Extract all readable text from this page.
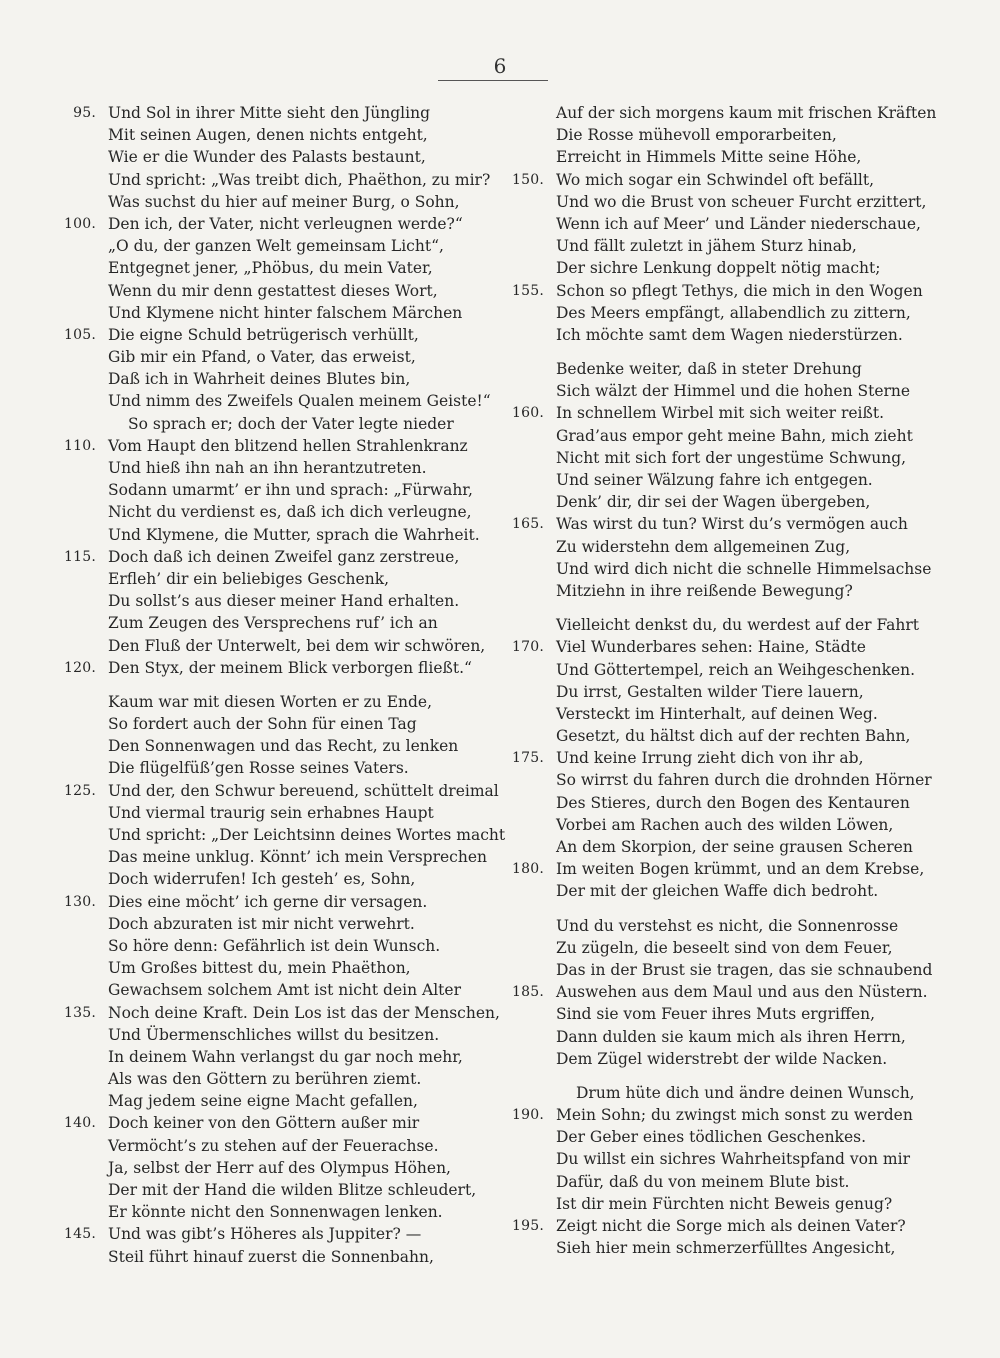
6
95. Und Sol in ihrer Mitte sieht den Jüngling
Mit seinen Augen, denen nichts entgeht,
Wie er die Wunder des Palasts bestaunt,
Und spricht: „Was treibt dich, Phaëthon, zu mir?
Was suchst du hier auf meiner Burg, o Sohn,
100. Den ich, der Vater, nicht verleugnen werde?“
„O du, der ganzen Welt gemeinsam Licht“,
Entgegnet jener, „Phöbus, du mein Vater,
Wenn du mir denn gestattest dieses Wort,
Und Klymene nicht hinter falschem Märchen
105. Die eigne Schuld betrügerisch verhüllt,
Gib mir ein Pfand, o Vater, das erweist,
Daß ich in Wahrheit deines Blutes bin,
Und nimm des Zweifels Qualen meinem Geiste!“
So sprach er; doch der Vater legte nieder
110. Vom Haupt den blitzend hellen Strahlenkranz
Und hieß ihn nah an ihn herantzutreten.
Sodann umarmt’ er ihn und sprach: „Fürwahr,
Nicht du verdienst es, daß ich dich verleugne,
Und Klymene, die Mutter, sprach die Wahrheit.
115. Doch daß ich deinen Zweifel ganz zerstreue,
Erfleh’ dir ein beliebiges Geschenk,
Du sollst’s aus dieser meiner Hand erhalten.
Zum Zeugen des Versprechens ruf’ ich an
Den Fluß der Unterwelt, bei dem wir schwören,
120. Den Styx, der meinem Blick verborgen fließt.“
Kaum war mit diesen Worten er zu Ende,
So fordert auch der Sohn für einen Tag
Den Sonnenwagen und das Recht, zu lenken
Die flügelfüß’gen Rosse seines Vaters.
125. Und der, den Schwur bereuend, schüttelt dreimal
Und viermal traurig sein erhabnes Haupt
Und spricht: „Der Leichtsinn deines Wortes macht
Das meine unklug. Könnt’ ich mein Versprechen
Doch widerrufen! Ich gesteh’ es, Sohn,
130. Dies eine möcht’ ich gerne dir versagen.
Doch abzuraten ist mir nicht verwehrt.
So höre denn: Gefährlich ist dein Wunsch.
Um Großes bittest du, mein Phaëthon,
Gewachsem solchem Amt ist nicht dein Alter
135. Noch deine Kraft. Dein Los ist das der Menschen,
Und Übermenschliches willst du besitzen.
In deinem Wahn verlangst du gar noch mehr,
Als was den Göttern zu berühren ziemt.
Mag jedem seine eigne Macht gefallen,
140. Doch keiner von den Göttern außer mir
Vermöcht’s zu stehen auf der Feuerachse.
Ja, selbst der Herr auf des Olympus Höhen,
Der mit der Hand die wilden Blitze schleudert,
Er könnte nicht den Sonnenwagen lenken.
145. Und was gibt’s Höheres als Juppiter? —
Steil führt hinauf zuerst die Sonnenbahn,
Auf der sich morgens kaum mit frischen Kräften
Die Rosse mühevoll emporarbeiten,
Erreicht in Himmels Mitte seine Höhe,
150. Wo mich sogar ein Schwindel oft befällt,
Und wo die Brust von scheuer Furcht erzittert,
Wenn ich auf Meer’ und Länder niederschaue,
Und fällt zuletzt in jähem Sturz hinab,
Der sichre Lenkung doppelt nötig macht;
155. Schon so pflegt Tethys, die mich in den Wogen
Des Meers empfängt, allabendlich zu zittern,
Ich möchte samt dem Wagen niederstürzen.
Bedenke weiter, daß in steter Drehung
Sich wälzt der Himmel und die hohen Sterne
160. In schnellem Wirbel mit sich weiter reißt.
Grad’aus empor geht meine Bahn, mich zieht
Nicht mit sich fort der ungestüme Schwung,
Und seiner Wälzung fahre ich entgegen.
Denk’ dir, dir sei der Wagen übergeben,
165. Was wirst du tun? Wirst du’s vermögen auch
Zu widerstehn dem allgemeinen Zug,
Und wird dich nicht die schnelle Himmelsachse
Mitziehn in ihre reißende Bewegung?
Vielleicht denkst du, du werdest auf der Fahrt
170. Viel Wunderbares sehen: Haine, Städte
Und Göttertempel, reich an Weihgeschenken.
Du irrst, Gestalten wilder Tiere lauern,
Versteckt im Hinterhalt, auf deinen Weg.
Gesetzt, du hältst dich auf der rechten Bahn,
175. Und keine Irrung zieht dich von ihr ab,
So wirrst du fahren durch die drohnden Hörner
Des Stieres, durch den Bogen des Kentauren
Vorbei am Rachen auch des wilden Löwen,
An dem Skorpion, der seine grausen Scheren
180. Im weiten Bogen krümmt, und an dem Krebse,
Der mit der gleichen Waffe dich bedroht.
Und du verstehst es nicht, die Sonnenrosse
Zu zügeln, die beseelt sind von dem Feuer,
Das in der Brust sie tragen, das sie schnaubend
185. Auswehen aus dem Maul und aus den Nüstern.
Sind sie vom Feuer ihres Muts ergriffen,
Dann dulden sie kaum mich als ihren Herrn,
Dem Zügel widerstrebt der wilde Nacken.
Drum hüte dich und ändre deinen Wunsch,
190. Mein Sohn; du zwingst mich sonst zu werden
Der Geber eines tödlichen Geschenkes.
Du willst ein sichres Wahrheitspfand von mir
Dafür, daß du von meinem Blute bist.
Ist dir mein Fürchten nicht Beweis genug?
195. Zeigt nicht die Sorge mich als deinen Vater?
Sieh hier mein schmerzerfülltes Angesicht,
